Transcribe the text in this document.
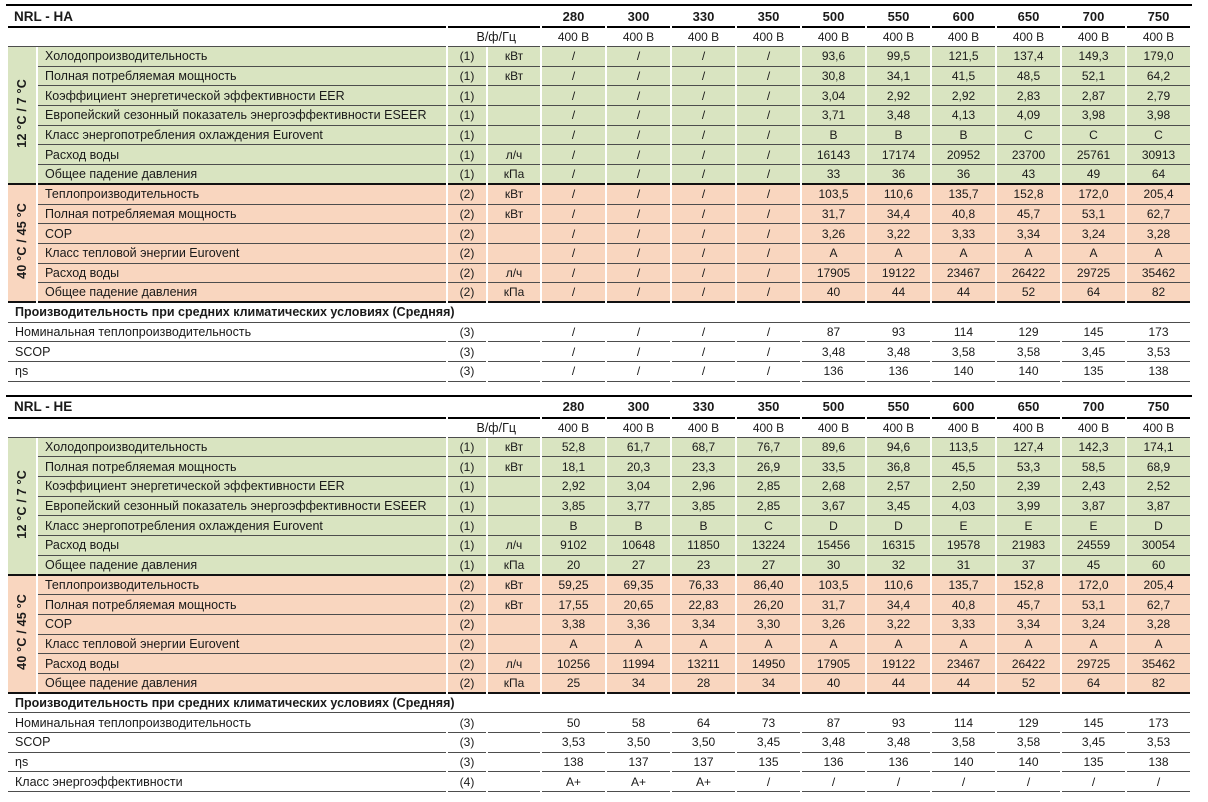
NRL - HA				280	300	330	350	500	550	600	650	700	750
		В/ф/Гц		400 В	400 В	400 В	400 В	400 В	400 В	400 В	400 В	400 В	400 В
12 °C / 7 °C	Холодопроизводительность	(1)	кВт	/	/	/	/	93,6	99,5	121,5	137,4	149,3	179,0
	Полная потребляемая мощность	(1)	кВт	/	/	/	/	30,8	34,1	41,5	48,5	52,1	64,2
	Коэффициент энергетической эффективности EER	(1)		/	/	/	/	3,04	2,92	2,92	2,83	2,87	2,79
	Европейский сезонный показатель энергоэффективности ESEER	(1)		/	/	/	/	3,71	3,48	4,13	4,09	3,98	3,98
	Класс энергопотребления охлаждения Eurovent	(1)		/	/	/	/	B	B	B	C	C	C
	Расход воды	(1)	л/ч	/	/	/	/	16143	17174	20952	23700	25761	30913
	Общее падение давления	(1)	кПа	/	/	/	/	33	36	36	43	49	64
40 °C / 45 °C	Теплопроизводительность	(2)	кВт	/	/	/	/	103,5	110,6	135,7	152,8	172,0	205,4
	Полная потребляемая мощность	(2)	кВт	/	/	/	/	31,7	34,4	40,8	45,7	53,1	62,7
	COP	(2)		/	/	/	/	3,26	3,22	3,33	3,34	3,24	3,28
	Класс тепловой энергии Eurovent	(2)		/	/	/	/	A	A	A	A	A	A
	Расход воды	(2)	л/ч	/	/	/	/	17905	19122	23467	26422	29725	35462
	Общее падение давления	(2)	кПа	/	/	/	/	40	44	44	52	64	82
Производительность при средних климатических условиях (Средняя)													
Номинальная теплопроизводительность		(3)		/	/	/	/	87	93	114	129	145	173
SCOP		(3)		/	/	/	/	3,48	3,48	3,58	3,58	3,45	3,53
ηs		(3)		/	/	/	/	136	136	140	140	135	138
NRL - HE				280	300	330	350	500	550	600	650	700	750
		В/ф/Гц		400 В	400 В	400 В	400 В	400 В	400 В	400 В	400 В	400 В	400 В
12 °C / 7 °C	Холодопроизводительность	(1)	кВт	52,8	61,7	68,7	76,7	89,6	94,6	113,5	127,4	142,3	174,1
	Полная потребляемая мощность	(1)	кВт	18,1	20,3	23,3	26,9	33,5	36,8	45,5	53,3	58,5	68,9
	Коэффициент энергетической эффективности EER	(1)		2,92	3,04	2,96	2,85	2,68	2,57	2,50	2,39	2,43	2,52
	Европейский сезонный показатель энергоэффективности ESEER	(1)		3,85	3,77	3,85	2,85	3,67	3,45	4,03	3,99	3,87	3,87
	Класс энергопотребления охлаждения Eurovent	(1)		B	B	B	C	D	D	E	E	E	D
	Расход воды	(1)	л/ч	9102	10648	11850	13224	15456	16315	19578	21983	24559	30054
	Общее падение давления	(1)	кПа	20	27	23	27	30	32	31	37	45	60
40 °C / 45 °C	Теплопроизводительность	(2)	кВт	59,25	69,35	76,33	86,40	103,5	110,6	135,7	152,8	172,0	205,4
	Полная потребляемая мощность	(2)	кВт	17,55	20,65	22,83	26,20	31,7	34,4	40,8	45,7	53,1	62,7
	COP	(2)		3,38	3,36	3,34	3,30	3,26	3,22	3,33	3,34	3,24	3,28
	Класс тепловой энергии Eurovent	(2)		A	A	A	A	A	A	A	A	A	A
	Расход воды	(2)	л/ч	10256	11994	13211	14950	17905	19122	23467	26422	29725	35462
	Общее падение давления	(2)	кПа	25	34	28	34	40	44	44	52	64	82
Производительность при средних климатических условиях (Средняя)													
Номинальная теплопроизводительность		(3)		50	58	64	73	87	93	114	129	145	173
SCOP		(3)		3,53	3,50	3,50	3,45	3,48	3,48	3,58	3,58	3,45	3,53
ηs		(3)		138	137	137	135	136	136	140	140	135	138
Класс энергоэффективности		(4)		A+	A+	A+	/	/	/	/	/	/	/
